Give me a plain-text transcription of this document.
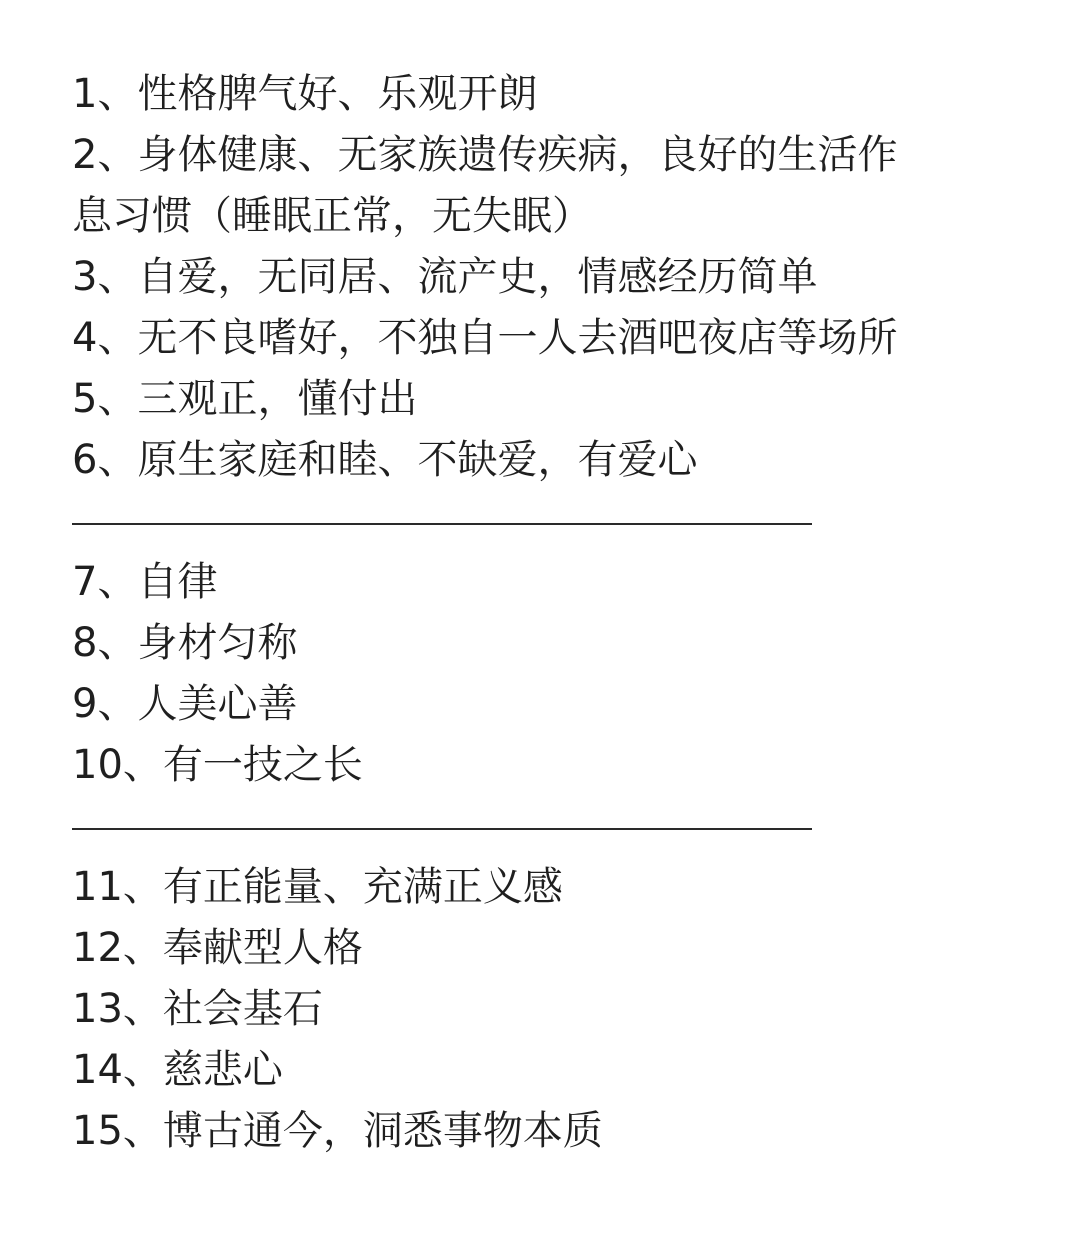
1、性格脾气好、乐观开朗
2、身体健康、无家族遗传疾病，良好的生活作
息习惯（睡眠正常，无失眠）
3、自爱，无同居、流产史，情感经历简单
4、无不良嗜好，不独自一人去酒吧夜店等场所
5、三观正，懂付出
6、原生家庭和睦、不缺爱，有爱心
7、自律
8、身材匀称
9、人美心善
10、有一技之长
11、有正能量、充满正义感
12、奉献型人格
13、社会基石
14、慈悲心
15、博古通今，洞悉事物本质
